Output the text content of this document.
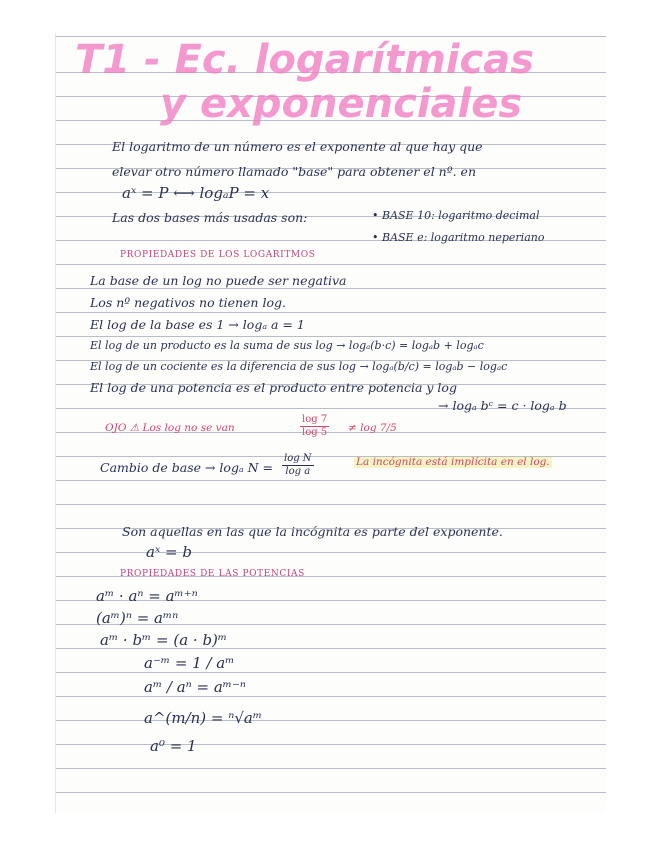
T1 - Ec. logarítmicas
y exponenciales
El logaritmo de un número es el exponente al que hay que
elevar otro número llamado "base" para obtener el nº. en
aˣ = P ⟷ logₐP = x
Las dos bases más usadas son:	• BASE 10: logaritmo decimal
• BASE e: logaritmo neperiano
PROPIEDADES DE LOS LOGARITMOS
La base de un log no puede ser negativa
Los nº negativos no tienen log.
El log de la base es 1 → logₐ a = 1
El log de un producto es la suma de sus log → logₐ(b·c) = logₐb + logₐc
El log de un cociente es la diferencia de sus log → logₐ(b/c) = logₐb − logₐc
El log de una potencia es el producto entre potencia y log
→ logₐ bᶜ = c · logₐ b
OJO ⚠ Los log no se van	$\frac{\log 7}{\log 5} \ne \log 7/5$
Cambio de base → logₐ $N = \frac{\text{log N}}{\text{log a}}$	La incógnita está implícita en el log.
Son aquellas en las que la incógnita es parte del exponente.
aˣ = b
PROPIEDADES DE LAS POTENCIAS
aᵐ · aⁿ = aᵐ⁺ⁿ
(aᵐ)ⁿ = aᵐⁿ
aᵐ · bᵐ = (a · b)ᵐ
a⁻ᵐ = 1 / aᵐ
aᵐ / aⁿ = aᵐ⁻ⁿ
a^(m/n) = ⁿ√aᵐ
a⁰ = 1
